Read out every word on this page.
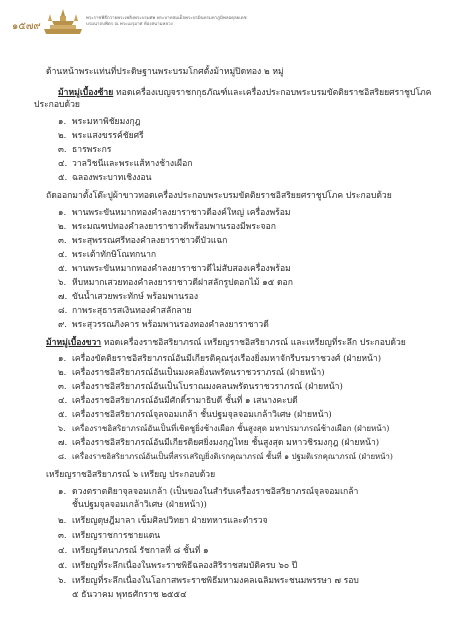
๑๕๗๙
พระราชพิธีถวายพระเพลิงพระบรมศพ พระบาทสมเด็จพระปรมินทรมหาภูมิพลอดุลยเดช
บรมนาถบพิตร ณ พระเมรุมาศ ท้องสนามหลวง
ด้านหน้าพระแท่นที่ประดิษฐานพระบรมโกศตั้งม้าหมู่ปิดทอง ๒ หมู่
ม้าหมู่เบื้องซ้าย ทอดเครื่องเบญจราชกกุธภัณฑ์และเครื่องประกอบพระบรมขัตติยราชอิสริยยศราชูปโภค
ประกอบด้วย
๑. พระมหาพิชัยมงกุฎ
๒. พระแสงขรรค์ชัยศรี
๓. ธารพระกร
๔. วาลวิชนีและพระแส้หางช้างเผือก
๕. ฉลองพระบาทเชิงงอน
ถัดออกมาตั้งโต๊ะปูผ้าขาวทอดเครื่องประกอบพระบรมขัตติยราชอิสริยยศราชูปโภค ประกอบด้วย
๑. พานพระขันหมากทองคำลงยาราชาวดีองค์ใหญ่ เครื่องพร้อม
๒. พระมณฑปทองคำลงยาราชาวดีพร้อมพานรองมีพระจอก
๓. พระสุพรรณศรีทองคำลงยาราชาวดีบัวแฉก
๔. พระเต้าทักษิโณทกนาก
๕. พานพระขันหมากทองคำลงยาราชาวดีไม่สับสองเครื่องพร้อม
๖. หีบหมากเสวยทองคำลงยาราชาวดีฝาสลักรูปดอกไม้ ๑๕ ดอก
๗. ขันน้ำเสวยพระทักษ์ พร้อมพานรอง
๘. กาพระสุธารสเงินทองคำสลักลาย
๙. พระสุวรรณภิงคาร พร้อมพานรองทองคำลงยาราชาวดี
ม้าหมู่เบื้องขวา ทอดเครื่องราชอิสริยาภรณ์ เหรียญราชอิสริยาภรณ์ และเหรียญที่ระลึก ประกอบด้วย
๑. เครื่องขัตติยราชอิสริยาภรณ์อันมีเกียรติคุณรุ่งเรืองยิ่งมหาจักรีบรมราชวงศ์ (ฝ่ายหน้า)
๒. เครื่องราชอิสริยาภรณ์อันเป็นมงคลยิ่งนพรัตนราชวราภรณ์ (ฝ่ายหน้า)
๓. เครื่องราชอิสริยาภรณ์อันเป็นโบราณมงคลนพรัตนราชวราภรณ์ (ฝ่ายหน้า)
๔. เครื่องราชอิสริยาภรณ์อันมีศักดิ์รามาธิบดี ชั้นที่ ๑ เสนางคะบดี
๕. เครื่องราชอิสริยาภรณ์จุลจอมเกล้า ชั้นปฐมจุลจอมเกล้าวิเศษ (ฝ่ายหน้า)
๖. เครื่องราชอิสริยาภรณ์อันเป็นที่เชิดชูยิ่งช้างเผือก ชั้นสูงสุด มหาปรมาภรณ์ช้างเผือก (ฝ่ายหน้า)
๗. เครื่องราชอิสริยาภรณ์อันมีเกียรติยศยิ่งมงกุฎไทย ชั้นสูงสุด มหาวชิรมงกุฎ (ฝ่ายหน้า)
๘. เครื่องราชอิสริยาภรณ์อันเป็นที่สรรเสริญยิ่งดิเรกคุณาภรณ์ ชั้นที่ ๑ ปฐมดิเรกคุณาภรณ์ (ฝ่ายหน้า)
เหรียญราชอิสริยาภรณ์ ๖ เหรียญ ประกอบด้วย
๑. ดวงตราตติยาจุลจอมเกล้า (เป็นของในสำรับเครื่องราชอิสริยาภรณ์จุลจอมเกล้า
ชั้นปฐมจุลจอมเกล้าวิเศษ (ฝ่ายหน้า))
๒. เหรียญดุษฎีมาลา เข็มศิลปวิทยา ฝ่ายทหารและตำรวจ
๓. เหรียญราชการชายแดน
๔. เหรียญรัตนาภรณ์ รัชกาลที่ ๘ ชั้นที่ ๑
๕. เหรียญที่ระลึกเนื่องในพระราชพิธีฉลองสิริราชสมบัติครบ ๖๐ ปี
๖. เหรียญที่ระลึกเนื่องในโอกาสพระราชพิธีมหามงคลเฉลิมพระชนมพรรษา ๗ รอบ
๕ ธันวาคม พุทธศักราช ๒๕๕๔
